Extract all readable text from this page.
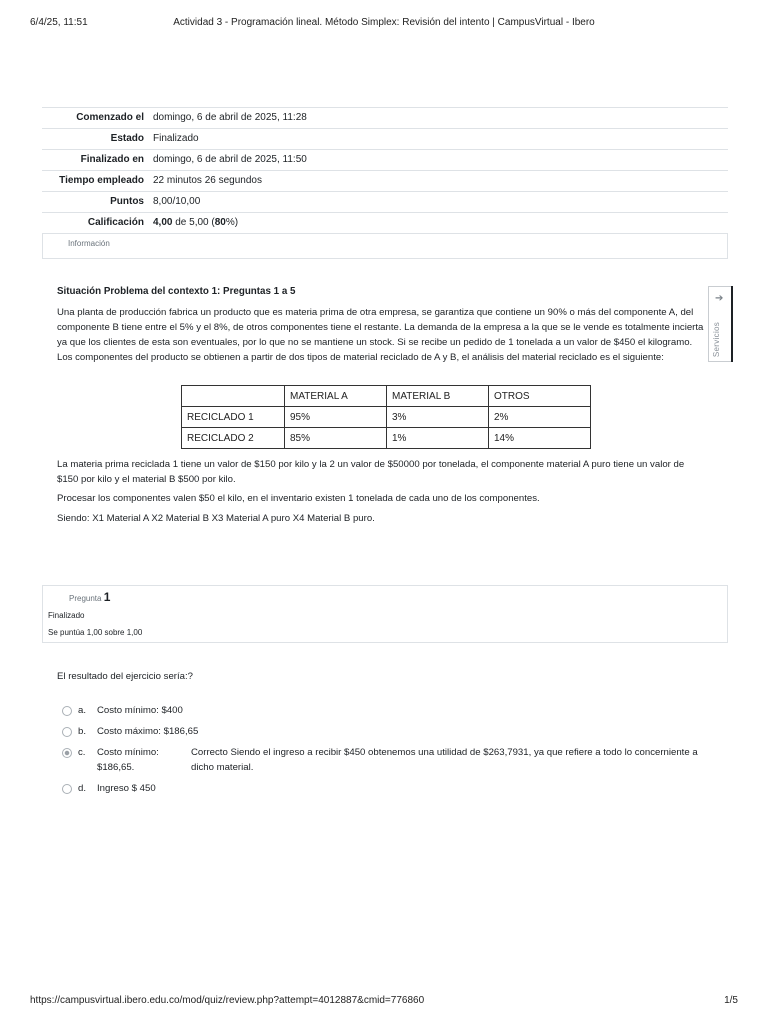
6/4/25, 11:51	Actividad 3 - Programación lineal. Método Simplex: Revisión del intento | CampusVirtual - Ibero
Comenzado el domingo, 6 de abril de 2025, 11:28
Estado Finalizado
Finalizado en domingo, 6 de abril de 2025, 11:50
Tiempo empleado 22 minutos 26 segundos
Puntos 8,00/10,00
Calificación 4,00 de 5,00 (80%)
Información
➔
Servicios
Situación Problema del contexto 1: Preguntas 1 a 5

Una planta de producción fabrica un producto que es materia prima de otra empresa, se garantiza que contiene un 90% o más del componente A, del componente B tiene entre el 5% y el 8%, de otros componentes tiene el restante. La demanda de la empresa a la que se le vende es totalmente incierta ya que los clientes de esta son eventuales, por lo que no se mantiene un stock. Si se recibe un pedido de 1 tonelada a un valor de $450 el kilogramo. Los componentes del producto se obtienen a partir de dos tipos de material reciclado de A y B, el análisis del material reciclado es el siguiente:

La materia prima reciclada 1 tiene un valor de $150 por kilo y la 2 un valor de $50000 por tonelada, el componente material A puro tiene un valor de $150 por kilo y el material B $500 por kilo.

Procesar los componentes valen $50 el kilo, en el inventario existen 1 tonelada de cada uno de los componentes.

Siendo: X1 Material A X2 Material B X3 Material A puro X4 Material B puro.

	MATERIAL A	MATERIAL B	OTROS
RECICLADO 1	95%	3%	2%
RECICLADO 2	85%	1%	14%
Pregunta 1
Finalizado
Se puntúa 1,00 sobre 1,00
El resultado del ejercicio sería:?
a.	Costo mínimo: $400
b.	Costo máximo: $186,65
c.	Costo mínimo: $186,65.
Correcto Siendo el ingreso a recibir $450 obtenemos una utilidad de $263,7931, ya que refiere a todo lo concerniente a dicho material.
d.	Ingreso $ 450
https://campusvirtual.ibero.edu.co/mod/quiz/review.php?attempt=4012887&cmid=776860	1/5
